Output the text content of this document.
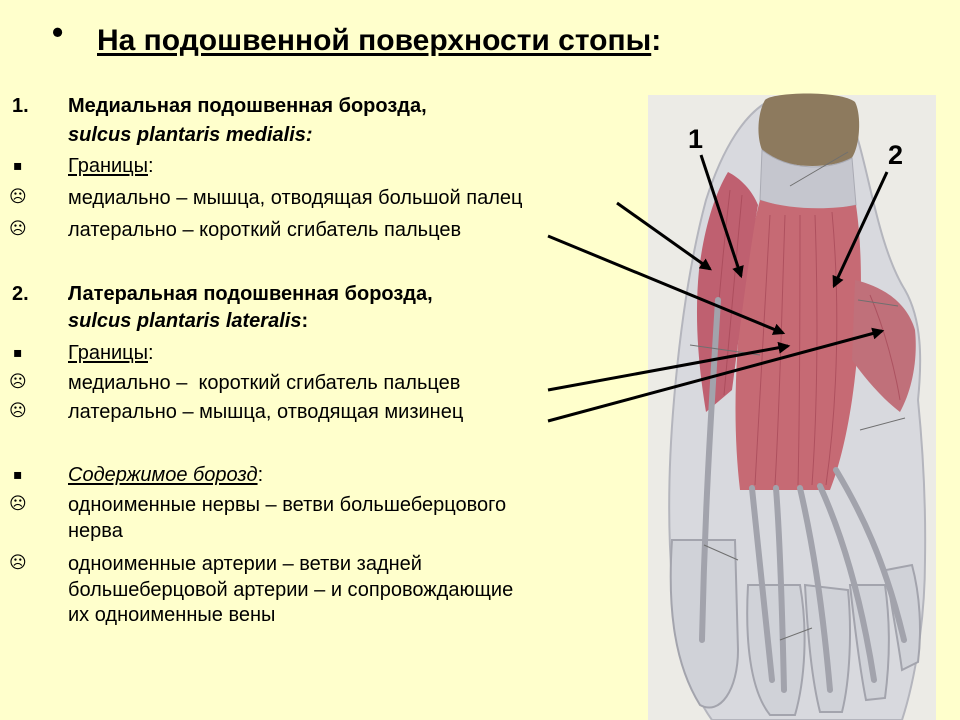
1
2
• На подошвенной поверхности стопы:
1. Медиальная подошвенная борозда,
sulcus plantaris medialis:
▪ Границы:
☹ медиально – мышца, отводящая большой палец
☹ латерально – короткий сгибатель пальцев
2. Латеральная подошвенная борозда,
sulcus plantaris lateralis:
▪ Границы:
☹ медиально –  короткий сгибатель пальцев
☹ латерально – мышца, отводящая мизинец
▪ Содержимое борозд:
☹ одноименные нервы – ветви большеберцового
нерва
☹ одноименные артерии – ветви задней
большеберцовой артерии – и сопровождающие
их одноименные вены
